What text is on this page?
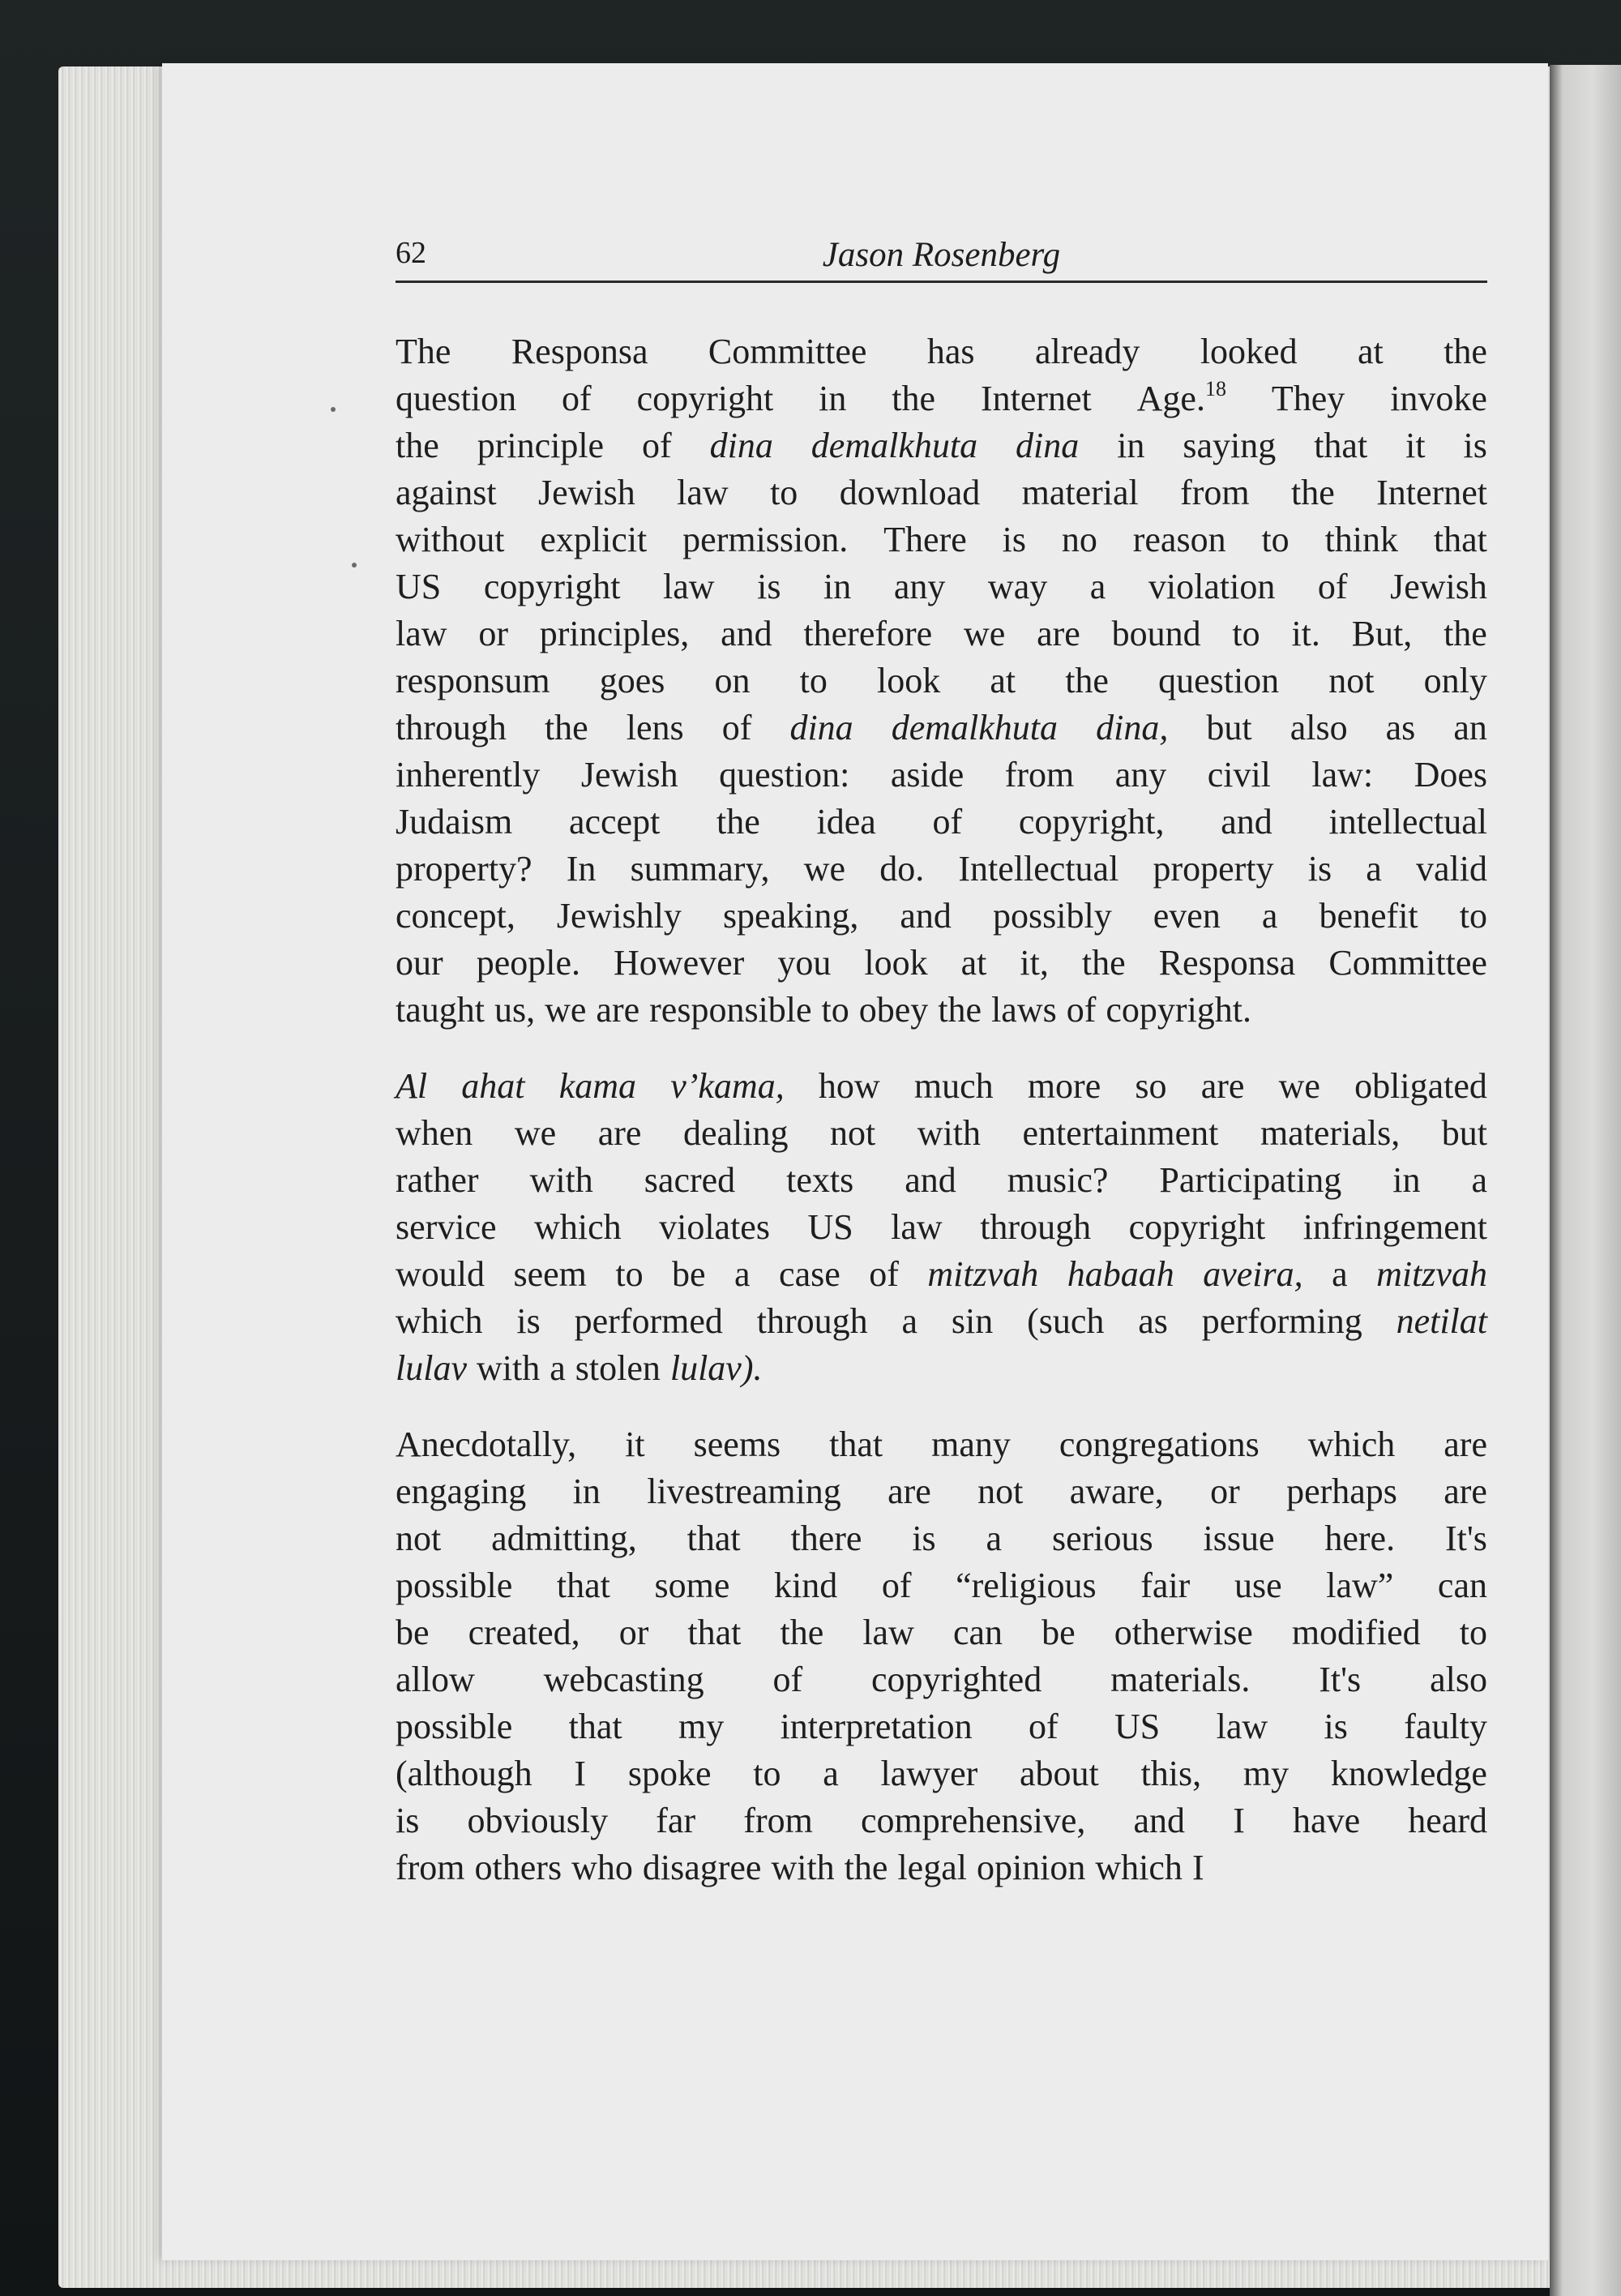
62	Jason Rosenberg
The Responsa Committee has already looked at the
question of copyright in the Internet Age.$^{18}$ They invoke
the principle of dina demalkhuta dina in saying that it is
against Jewish law to download material from the Internet
without explicit permission. There is no reason to think that
US copyright law is in any way a violation of Jewish
law or principles, and therefore we are bound to it. But, the
responsum goes on to look at the question not only
through the lens of dina demalkhuta dina, but also as an
inherently Jewish question: aside from any civil law: Does
Judaism accept the idea of copyright, and intellectual
property? In summary, we do. Intellectual property is a valid
concept, Jewishly speaking, and possibly even a benefit to
our people. However you look at it, the Responsa Committee
taught us, we are responsible to obey the laws of copyright.
Al ahat kama v’kama, how much more so are we obligated
when we are dealing not with entertainment materials, but
rather with sacred texts and music? Participating in a
service which violates US law through copyright infringement
would seem to be a case of mitzvah habaah aveira, a mitzvah
which is performed through a sin (such as performing netilat
lulav with a stolen lulav).
Anecdotally, it seems that many congregations which are
engaging in livestreaming are not aware, or perhaps are
not admitting, that there is a serious issue here. It's
possible that some kind of “religious fair use law” can
be created, or that the law can be otherwise modified to
allow webcasting of copyrighted materials. It's also
possible that my interpretation of US law is faulty
(although I spoke to a lawyer about this, my knowledge
is obviously far from comprehensive, and I have heard
from others who disagree with the legal opinion which I
